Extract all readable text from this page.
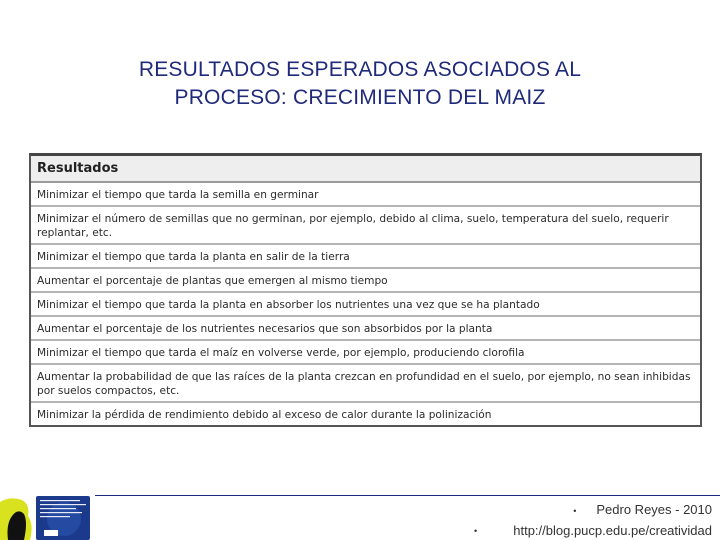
RESULTADOS ESPERADOS ASOCIADOS AL
PROCESO: CRECIMIENTO DEL MAIZ
Resultados
Minimizar el tiempo que tarda la semilla en germinar
Minimizar el número de semillas que no germinan, por ejemplo, debido al clima, suelo, temperatura del suelo, requerir replantar, etc.
Minimizar el tiempo que tarda la planta en salir de la tierra
Aumentar el porcentaje de plantas que emergen al mismo tiempo
Minimizar el tiempo que tarda la planta en absorber los nutrientes una vez que se ha plantado
Aumentar el porcentaje de los nutrientes necesarios que son absorbidos por la planta
Minimizar el tiempo que tarda el maíz en volverse verde, por ejemplo, produciendo clorofila
Aumentar la probabilidad de que las raíces de la planta crezcan en profundidad en el suelo, por ejemplo, no sean inhibidas por suelos compactos, etc.
Minimizar la pérdida de rendimiento debido al exceso de calor durante la polinización
• Pedro Reyes - 2010
•	http://blog.pucp.edu.pe/creatividad
